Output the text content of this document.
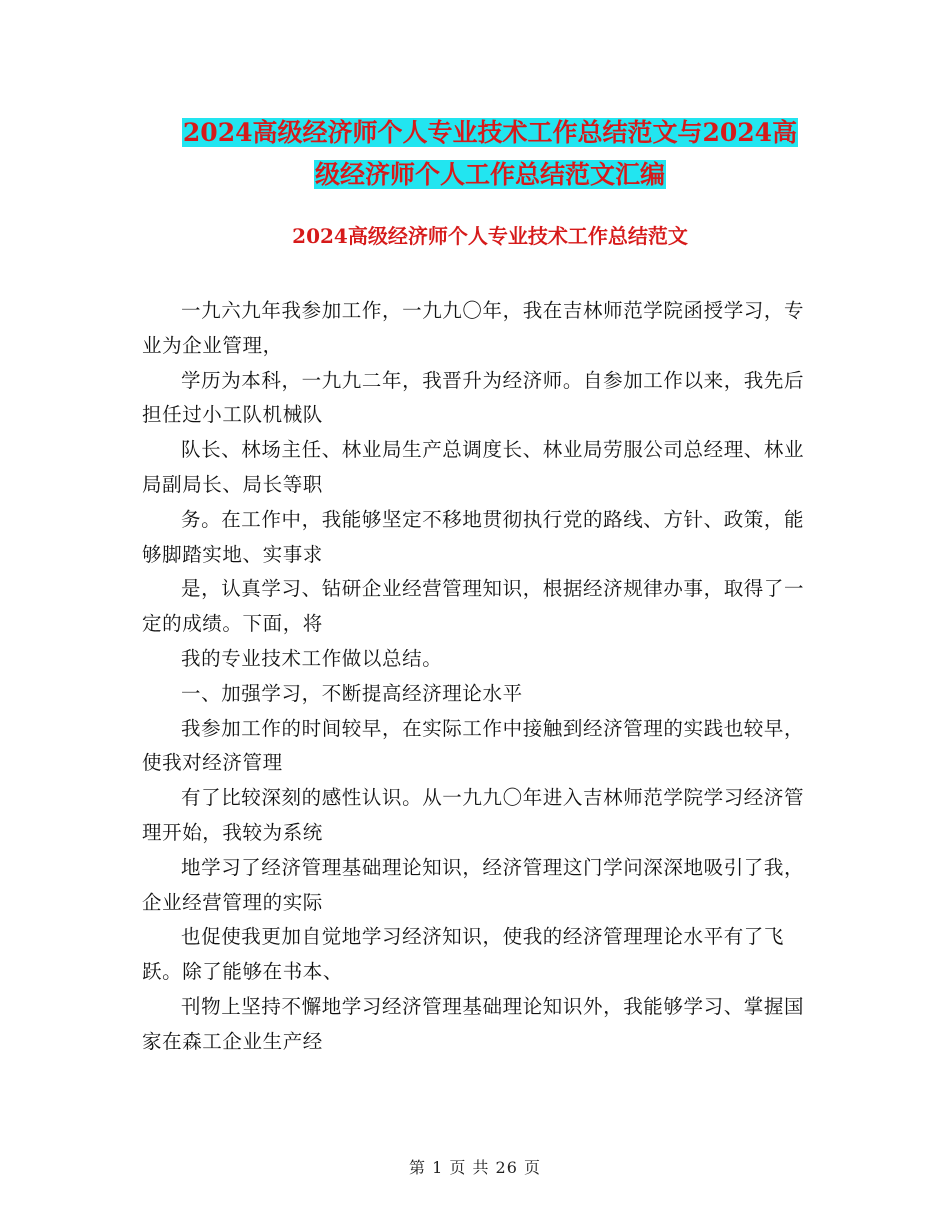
2024高级经济师个人专业技术工作总结范文与2024高
级经济师个人工作总结范文汇编
2024高级经济师个人专业技术工作总结范文

一九六九年我参加工作，一九九〇年，我在吉林师范学院函授学习，专业为企业管理，

学历为本科，一九九二年，我晋升为经济师。自参加工作以来，我先后担任过小工队机械队

队长、林场主任、林业局生产总调度长、林业局劳服公司总经理、林业局副局长、局长等职

务。在工作中，我能够坚定不移地贯彻执行党的路线、方针、政策，能够脚踏实地、实事求

是，认真学习、钻研企业经营管理知识，根据经济规律办事，取得了一定的成绩。下面，将

我的专业技术工作做以总结。

一、加强学习，不断提高经济理论水平

我参加工作的时间较早，在实际工作中接触到经济管理的实践也较早，使我对经济管理

有了比较深刻的感性认识。从一九九〇年进入吉林师范学院学习经济管理开始，我较为系统

地学习了经济管理基础理论知识，经济管理这门学问深深地吸引了我，企业经营管理的实际

也促使我更加自觉地学习经济知识，使我的经济管理理论水平有了飞跃。除了能够在书本、

刊物上坚持不懈地学习经济管理基础理论知识外，我能够学习、掌握国家在森工企业生产经

第 1 页 共 26 页
